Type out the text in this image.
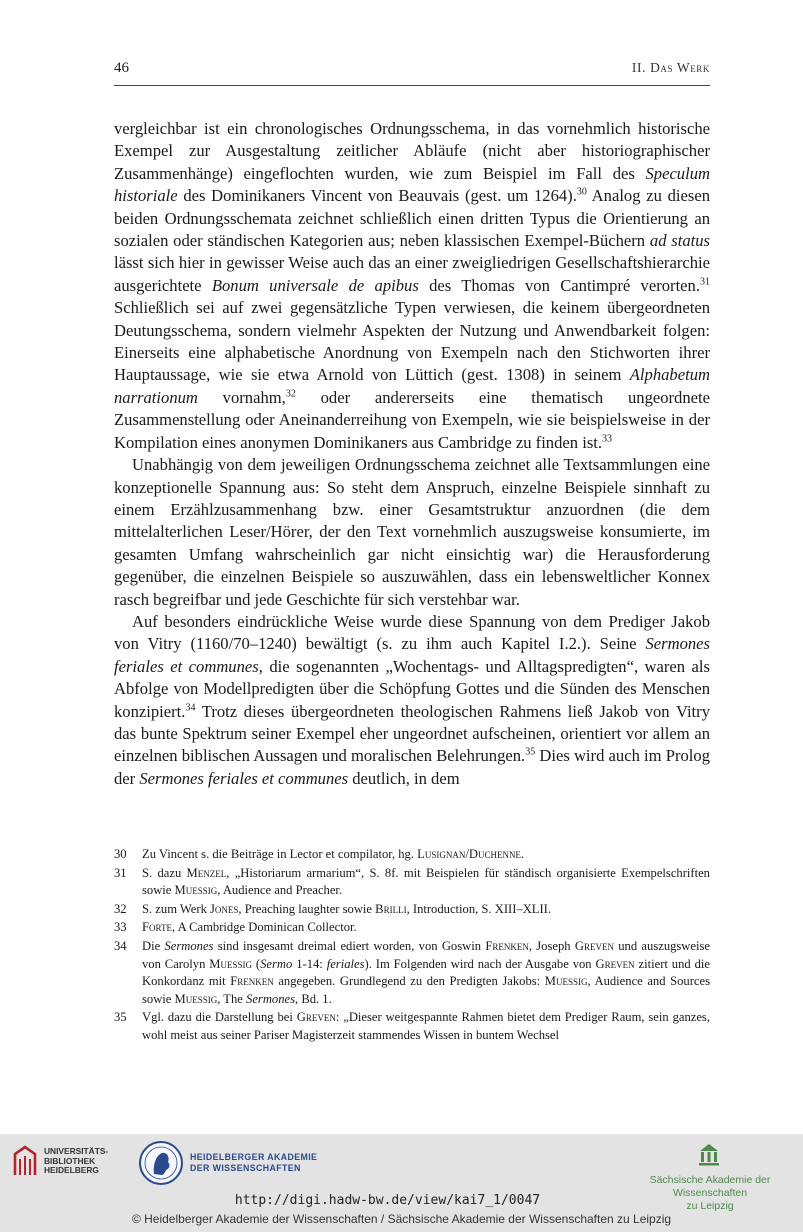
46	II. Das Werk

vergleichbar ist ein chronologisches Ordnungsschema, in das vornehmlich historische Exempel zur Ausgestaltung zeitlicher Abläufe (nicht aber historiographischer Zusammenhänge) eingeflochten wurden, wie zum Beispiel im Fall des Speculum historiale des Dominikaners Vincent von Beauvais (gest. um 1264).$^{30}$ Analog zu diesen beiden Ordnungsschemata zeichnet schließlich einen dritten Typus die Orientierung an sozialen oder ständischen Kategorien aus; neben klassischen Exempel-Büchern ad status lässt sich hier in gewisser Weise auch das an einer zweigliedrigen Gesellschaftshierarchie ausgerichtete Bonum universale de apibus des Thomas von Cantimpré verorten.$^{31}$ Schließlich sei auf zwei gegensätzliche Typen verwiesen, die keinem übergeordneten Deutungsschema, sondern vielmehr Aspekten der Nutzung und Anwendbarkeit folgen: Einerseits eine alphabetische Anordnung von Exempeln nach den Stichworten ihrer Hauptaussage, wie sie etwa Arnold von Lüttich (gest. 1308) in seinem Alphabetum narrationum vornahm,$^{32}$ oder andererseits eine thematisch ungeordnete Zusammenstellung oder Aneinanderreihung von Exempeln, wie sie beispielsweise in der Kompilation eines anonymen Dominikaners aus Cambridge zu finden ist.$^{33}$

Unabhängig von dem jeweiligen Ordnungsschema zeichnet alle Textsammlungen eine konzeptionelle Spannung aus: So steht dem Anspruch, einzelne Beispiele sinnhaft zu einem Erzählzusammenhang bzw. einer Gesamtstruktur anzuordnen (die dem mittelalterlichen Leser/Hörer, der den Text vornehmlich auszugsweise konsumierte, im gesamten Umfang wahrscheinlich gar nicht einsichtig war) die Herausforderung gegenüber, die einzelnen Beispiele so auszuwählen, dass ein lebensweltlicher Konnex rasch begreifbar und jede Geschichte für sich verstehbar war.

Auf besonders eindrückliche Weise wurde diese Spannung von dem Prediger Jakob von Vitry (1160/70–1240) bewältigt (s. zu ihm auch Kapitel I.2.). Seine Sermones feriales et communes, die sogenannten „Wochentags- und Alltagspredigten“, waren als Abfolge von Modellpredigten über die Schöpfung Gottes und die Sünden des Menschen konzipiert.$^{34}$ Trotz dieses übergeordneten theologischen Rahmens ließ Jakob von Vitry das bunte Spektrum seiner Exempel eher ungeordnet aufscheinen, orientiert vor allem an einzelnen biblischen Aussagen und moralischen Belehrungen.$^{35}$ Dies wird auch im Prolog der Sermones feriales et communes deutlich, in dem

30	Zu Vincent s. die Beiträge in Lector et compilator, hg. Lusignan/Duchenne.
31	S. dazu Menzel, „Historiarum armarium“, S. 8f. mit Beispielen für ständisch organisierte Exempelschriften sowie Muessig, Audience and Preacher.
32	S. zum Werk Jones, Preaching laughter sowie Brilli, Introduction, S. XIII–XLII.
33	Forte, A Cambridge Dominican Collector.
34	Die Sermones sind insgesamt dreimal ediert worden, von Goswin Frenken, Joseph Greven und auszugsweise von Carolyn Muessig (Sermo 1-14: feriales). Im Folgenden wird nach der Ausgabe von Greven zitiert und die Konkordanz mit Frenken angegeben. Grundlegend zu den Predigten Jakobs: Muessig, Audience and Sources sowie Muessig, The Sermones, Bd. 1.
35	Vgl. dazu die Darstellung bei Greven: „Dieser weitgespannte Rahmen bietet dem Prediger Raum, sein ganzes, wohl meist aus seiner Pariser Magisterzeit stammendes Wissen in buntem Wechsel
UNIVERSITÄTS-
BIBLIOTHEK
HEIDELBERG
HEIDELBERGER AKADEMIE
DER WISSENSCHAFTEN
Sächsische Akademie der Wissenschaften
zu Leipzig
http://digi.hadw-bw.de/view/kai7_1/0047
© Heidelberger Akademie der Wissenschaften / Sächsische Akademie der Wissenschaften zu Leipzig
